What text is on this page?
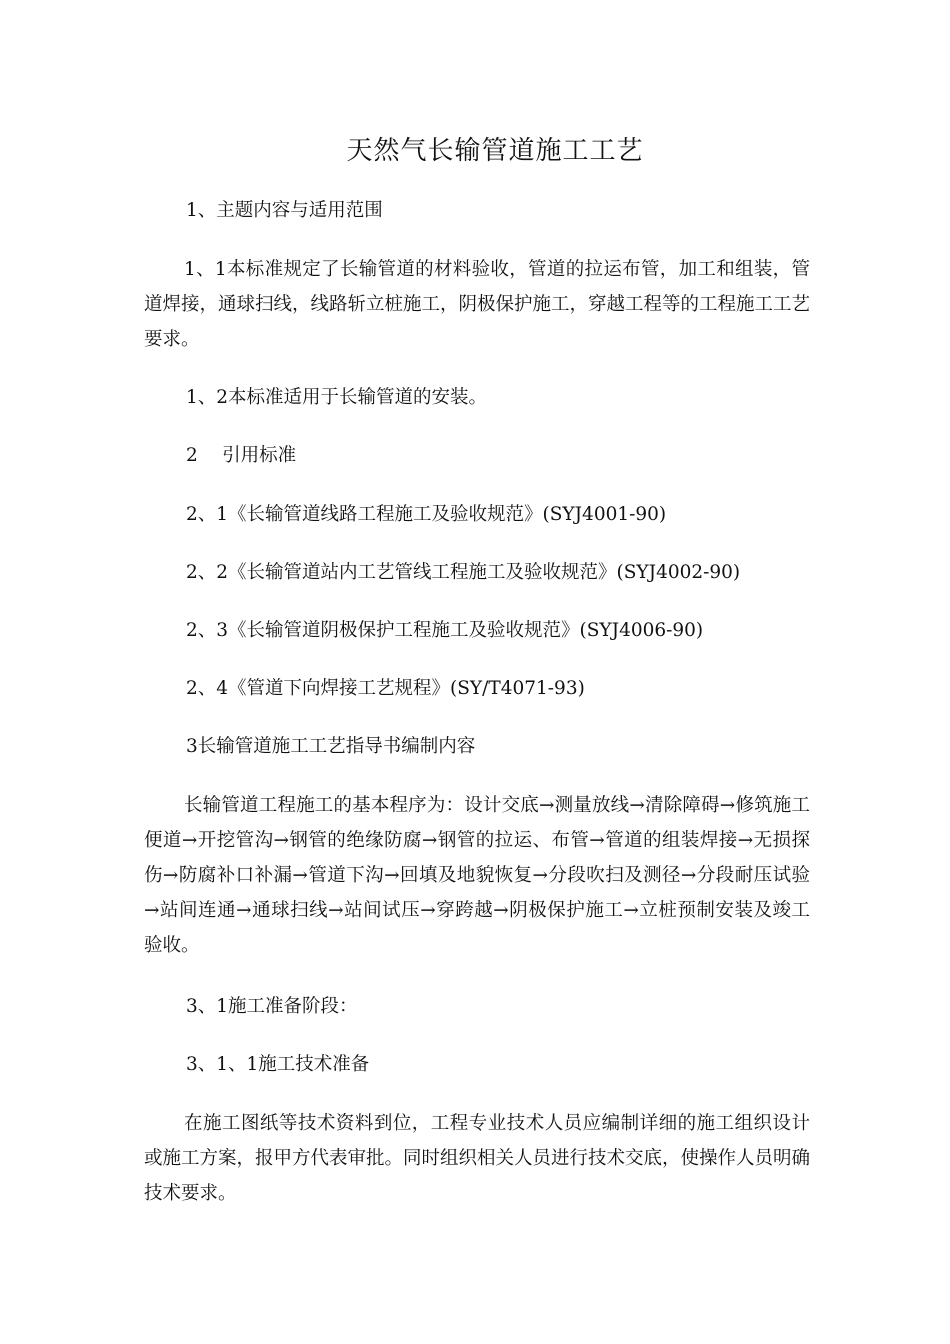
天然气长输管道施工工艺

1、主题内容与适用范围

1、1本标准规定了长输管道的材料验收，管道的拉运布管，加工和组装，管道焊接，通球扫线，线路斩立桩施工，阴极保护施工，穿越工程等的工程施工工艺要求。

1、2本标准适用于长输管道的安装。

2　 引用标准

2、1《长输管道线路工程施工及验收规范》(SYJ4001-90)

2、2《长输管道站内工艺管线工程施工及验收规范》(SYJ4002-90)

2、3《长输管道阴极保护工程施工及验收规范》(SYJ4006-90)

2、4《管道下向焊接工艺规程》(SY/T4071-93)

3长输管道施工工艺指导书编制内容

长输管道工程施工的基本程序为：设计交底→测量放线→清除障碍→修筑施工便道→开挖管沟→钢管的绝缘防腐→钢管的拉运、布管→管道的组装焊接→无损探伤→防腐补口补漏→管道下沟→回填及地貌恢复→分段吹扫及测径→分段耐压试验→站间连通→通球扫线→站间试压→穿跨越→阴极保护施工→立桩预制安装及竣工验收。

3、1施工准备阶段：

3、1、1施工技术准备

在施工图纸等技术资料到位，工程专业技术人员应编制详细的施工组织设计或施工方案，报甲方代表审批。同时组织相关人员进行技术交底，使操作人员明确技术要求。
